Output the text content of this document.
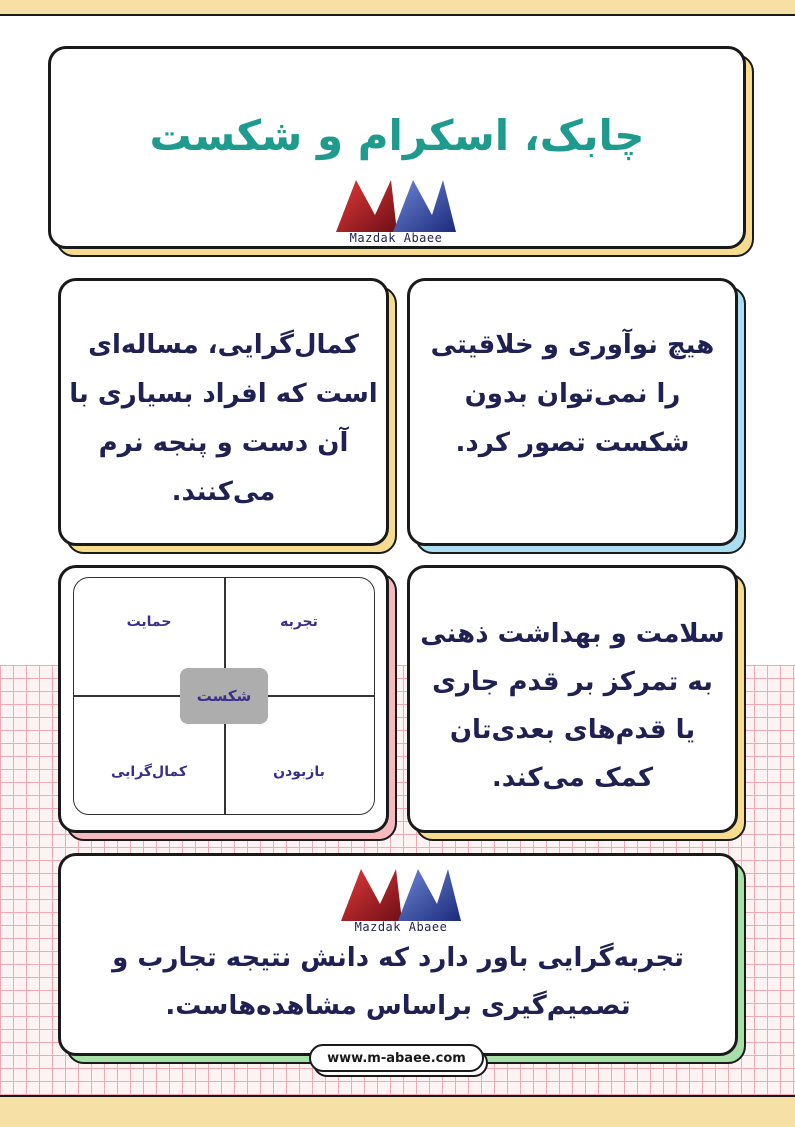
چابک، اسکرام و شکست
Mazdak Abaee
هیچ نوآوری و خلاقیتی را نمی‌توان بدون شکست تصور کرد.
کمال‌گرایی، مساله‌ای است که افراد بسیاری با آن دست و پنجه نرم می‌کنند.
تجربه
حمایت
بازبودن
کمال‌گرایی
شکست
سلامت و بهداشت ذهنی به تمرکز بر قدم جاری یا قدم‌های بعدی‌تان کمک می‌کند.
Mazdak Abaee
تجربه‌گرایی باور دارد که دانش نتیجه تجارب و تصمیم‌گیری براساس مشاهده‌هاست.
www.m-abaee.com
